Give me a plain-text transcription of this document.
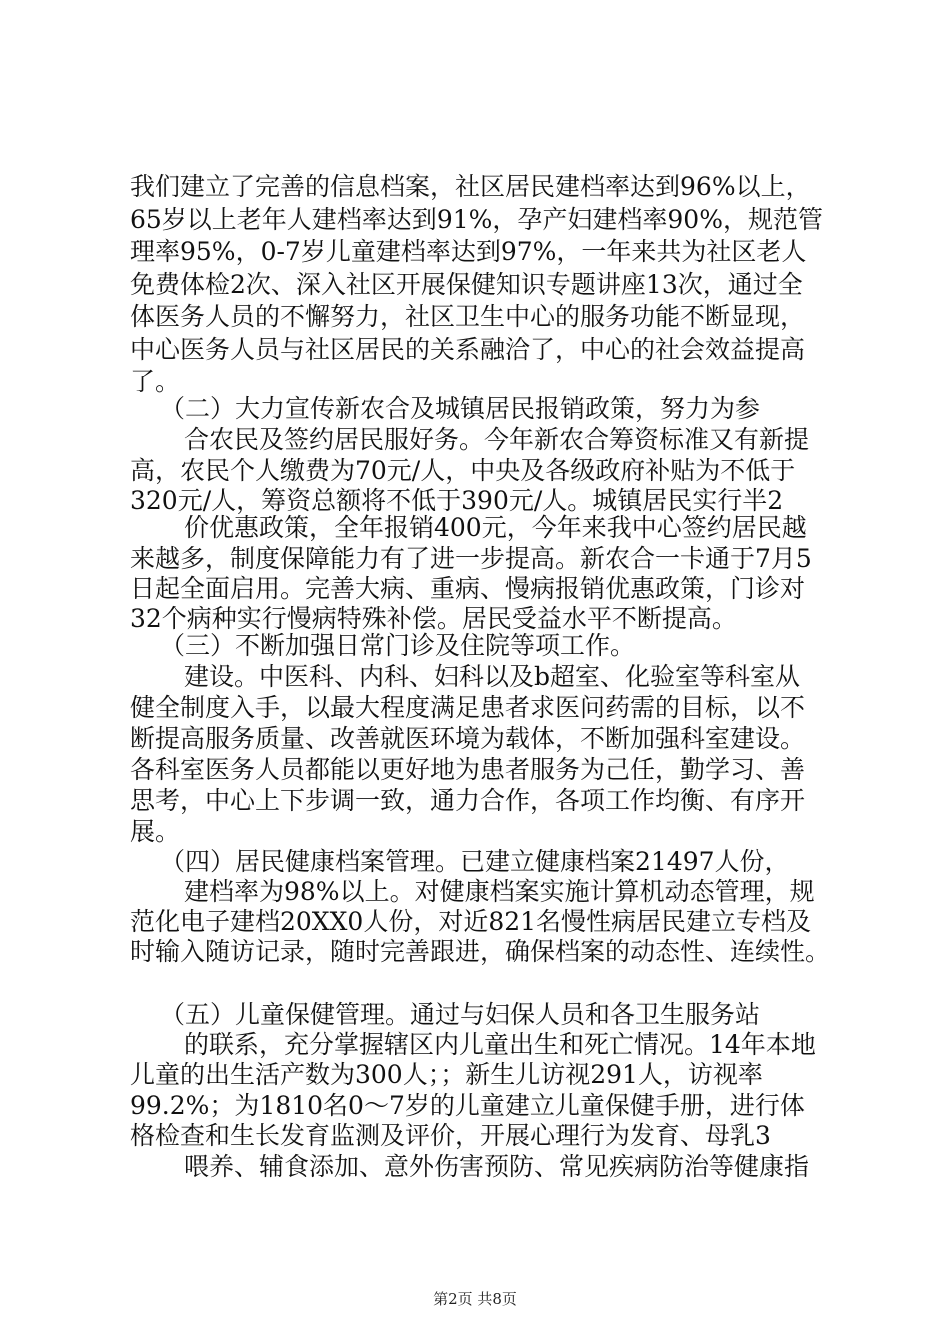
我们建立了完善的信息档案，社区居民建档率达到96%以上，
65岁以上老年人建档率达到91%，孕产妇建档率90%，规范管
理率95%，0-7岁儿童建档率达到97%，一年来共为社区老人
免费体检2次、深入社区开展保健知识专题讲座13次，通过全
体医务人员的不懈努力，社区卫生中心的服务功能不断显现，
中心医务人员与社区居民的关系融洽了，中心的社会效益提高
了。
（二）大力宣传新农合及城镇居民报销政策，努力为参
合农民及签约居民服好务。今年新农合筹资标准又有新提
高，农民个人缴费为70元/人，中央及各级政府补贴为不低于
320元/人，筹资总额将不低于390元/人。城镇居民实行半2
价优惠政策，全年报销400元，今年来我中心签约居民越
来越多，制度保障能力有了进一步提高。新农合一卡通于7月5
日起全面启用。完善大病、重病、慢病报销优惠政策，门诊对
32个病种实行慢病特殊补偿。居民受益水平不断提高。
（三）不断加强日常门诊及住院等项工作。
建设。中医科、内科、妇科以及b超室、化验室等科室从
健全制度入手，以最大程度满足患者求医问药需的目标，以不
断提高服务质量、改善就医环境为载体，不断加强科室建设。
各科室医务人员都能以更好地为患者服务为己任，勤学习、善
思考，中心上下步调一致，通力合作，各项工作均衡、有序开
展。
（四）居民健康档案管理。已建立健康档案21497人份，
建档率为98%以上。对健康档案实施计算机动态管理，规
范化电子建档20XX0人份，对近821名慢性病居民建立专档及
时输入随访记录，随时完善跟进，确保档案的动态性、连续性。
（五）儿童保健管理。通过与妇保人员和各卫生服务站
的联系，充分掌握辖区内儿童出生和死亡情况。14年本地
儿童的出生活产数为300人；；新生儿访视291人，访视率
99.2%；为1810名0～7岁的儿童建立儿童保健手册，进行体
格检查和生长发育监测及评价，开展心理行为发育、母乳3
喂养、辅食添加、意外伤害预防、常见疾病防治等健康指
第2页 共8页
